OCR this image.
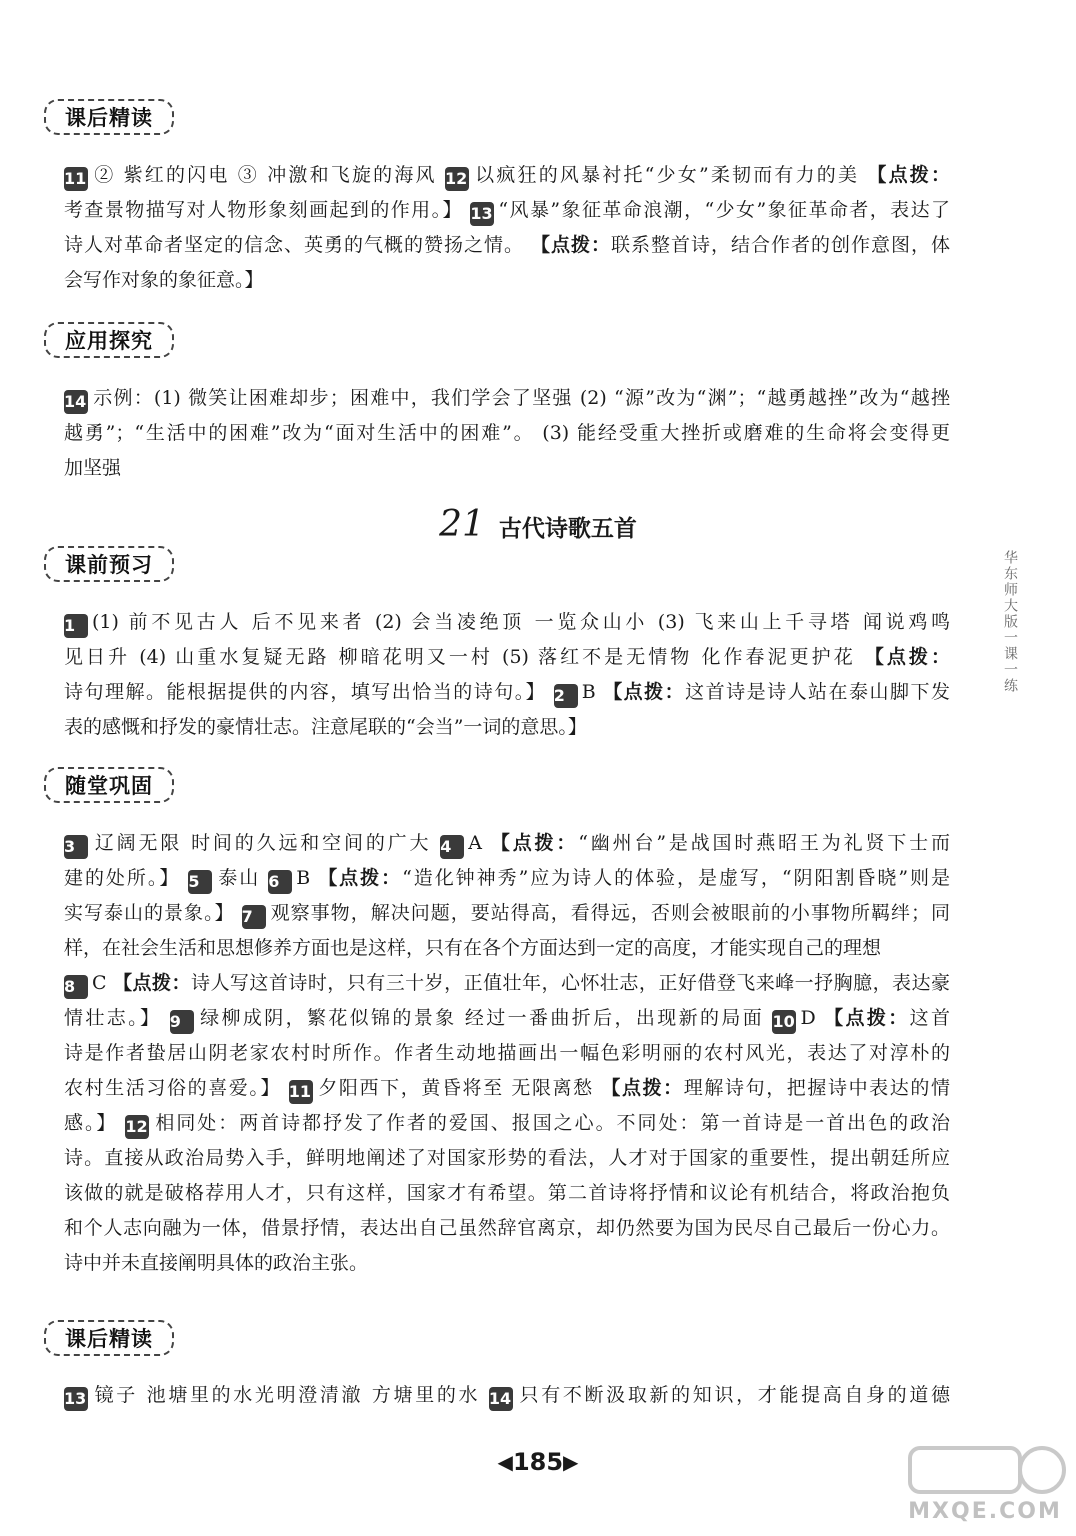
课后精读
11 ② 紫红的闪电 ③ 冲激和飞旋的海风 12 以疯狂的风暴衬托“少女”柔韧而有力的美 【点拨：
考查景物描写对人物形象刻画起到的作用。】 13 “风暴”象征革命浪潮，“少女”象征革命者，表达了
诗人对革命者坚定的信念、英勇的气概的赞扬之情。 【点拨：联系整首诗，结合作者的创作意图，体
会写作对象的象征意。】
应用探究
14 示例：(1) 微笑让困难却步；困难中，我们学会了坚强 (2) “源”改为“渊”；“越勇越挫”改为“越挫
越勇”；“生活中的困难”改为“面对生活中的困难”。 (3) 能经受重大挫折或磨难的生命将会变得更
加坚强
21 古代诗歌五首
课前预习
1 (1) 前不见古人 后不见来者 (2) 会当凌绝顶 一览众山小 (3) 飞来山上千寻塔 闻说鸡鸣
见日升 (4) 山重水复疑无路 柳暗花明又一村 (5) 落红不是无情物 化作春泥更护花 【点拨：
诗句理解。能根据提供的内容，填写出恰当的诗句。】 2 B 【点拨：这首诗是诗人站在泰山脚下发
表的感慨和抒发的豪情壮志。注意尾联的“会当”一词的意思。】
随堂巩固
3 辽阔无限 时间的久远和空间的广大 4 A 【点拨：“幽州台”是战国时燕昭王为礼贤下士而
建的处所。】 5 泰山 6 B 【点拨：“造化钟神秀”应为诗人的体验，是虚写，“阴阳割昏晓”则是
实写泰山的景象。】 7 观察事物，解决问题，要站得高，看得远，否则会被眼前的小事物所羁绊；同
样，在社会生活和思想修养方面也是这样，只有在各个方面达到一定的高度，才能实现自己的理想
8 C 【点拨：诗人写这首诗时，只有三十岁，正值壮年，心怀壮志，正好借登飞来峰一抒胸臆，表达豪
情壮志。】 9 绿柳成阴，繁花似锦的景象 经过一番曲折后，出现新的局面 10 D 【点拨：这首
诗是作者蛰居山阴老家农村时所作。作者生动地描画出一幅色彩明丽的农村风光，表达了对淳朴的
农村生活习俗的喜爱。】 11 夕阳西下，黄昏将至 无限离愁 【点拨：理解诗句，把握诗中表达的情
感。】 12 相同处：两首诗都抒发了作者的爱国、报国之心。不同处：第一首诗是一首出色的政治
诗。直接从政治局势入手，鲜明地阐述了对国家形势的看法，人才对于国家的重要性，提出朝廷所应
该做的就是破格荐用人才，只有这样，国家才有希望。第二首诗将抒情和议论有机结合，将政治抱负
和个人志向融为一体，借景抒情，表达出自己虽然辞官离京，却仍然要为国为民尽自己最后一份心力。
诗中并未直接阐明具体的政治主张。
课后精读
13 镜子 池塘里的水光明澄清澈 方塘里的水 14 只有不断汲取新的知识，才能提高自身的道德
华东师大版一课一练
◀185▶
MXQE.COM
